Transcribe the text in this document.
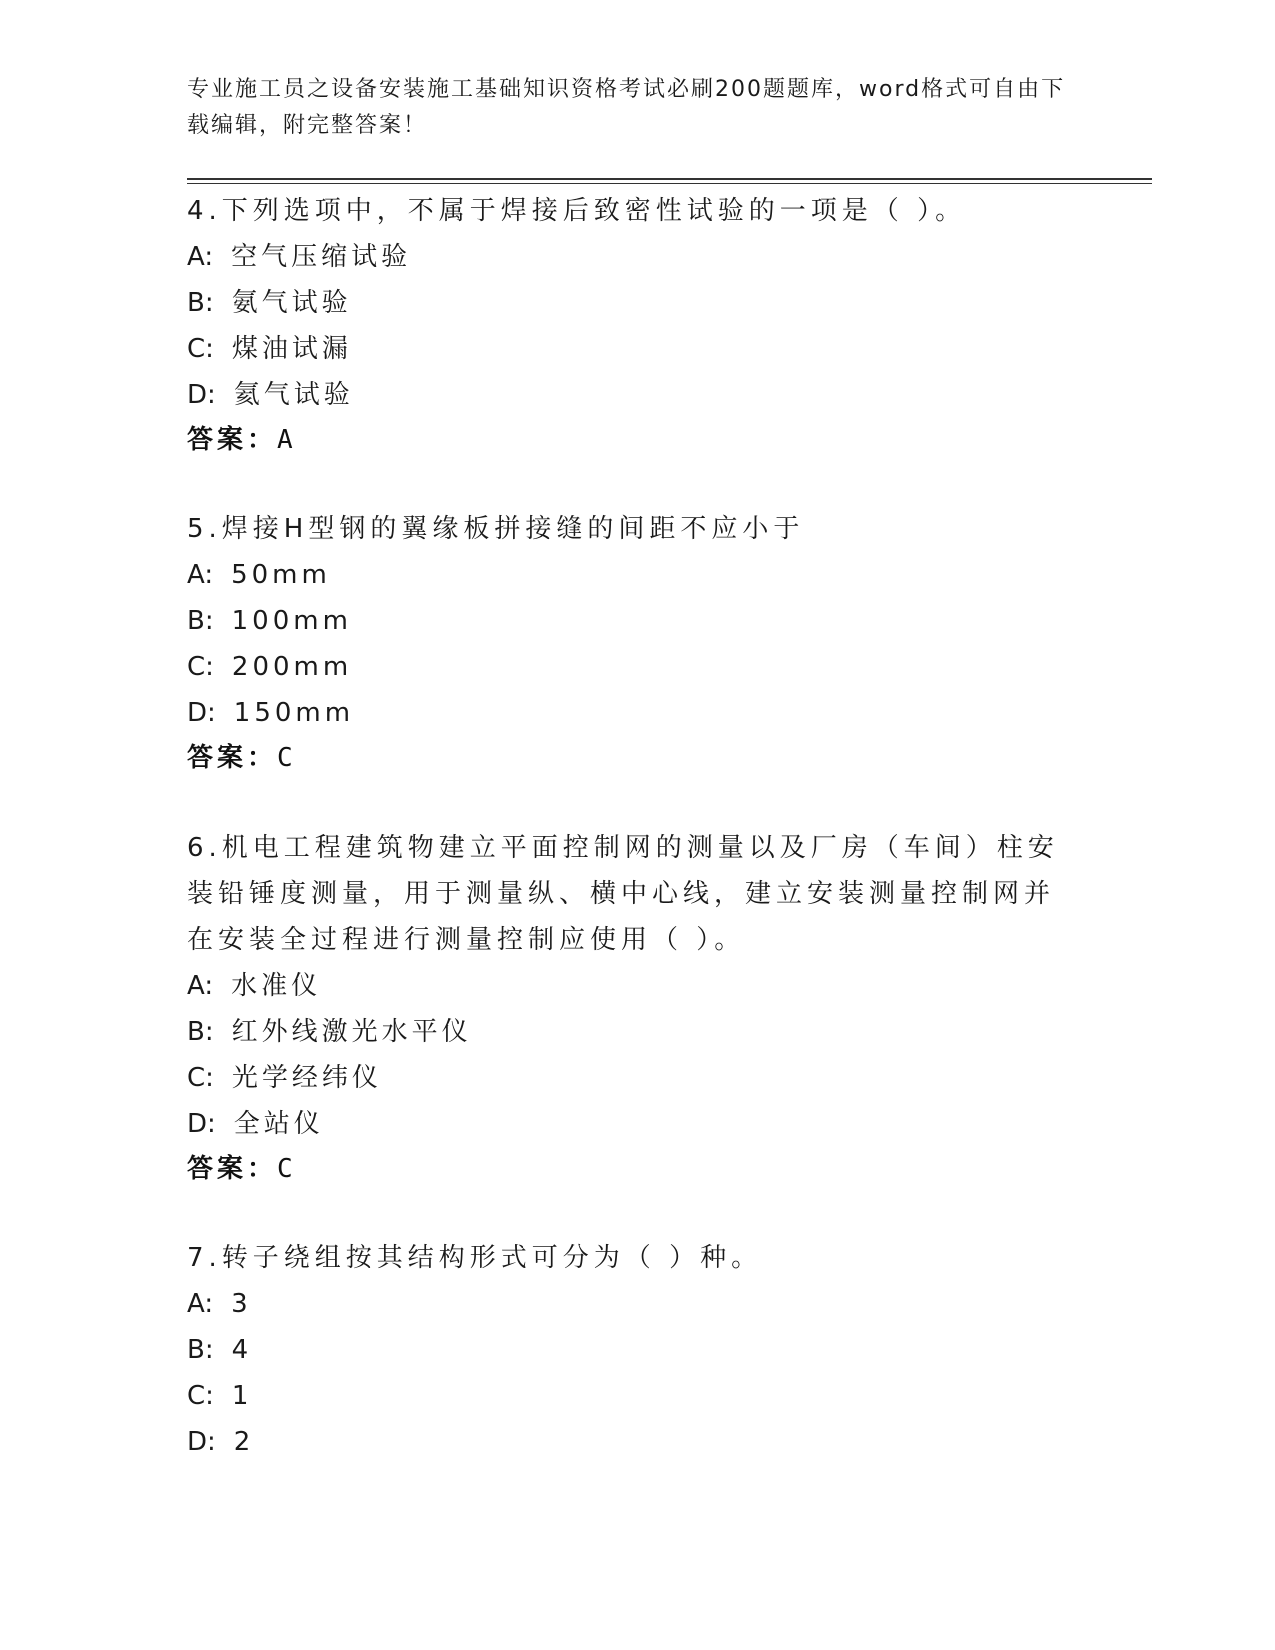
专业施工员之设备安装施工基础知识资格考试必刷200题题库，word格式可自由下载编辑，附完整答案！
4.下列选项中，不属于焊接后致密性试验的一项是（ ）。
A: 空气压缩试验
B: 氨气试验
C: 煤油试漏
D: 氦气试验
答案：A
5.焊接H型钢的翼缘板拼接缝的间距不应小于
A: 50mm
B: 100mm
C: 200mm
D: 150mm
答案：C
6.机电工程建筑物建立平面控制网的测量以及厂房（车间）柱安装铅锤度测量，用于测量纵、横中心线，建立安装测量控制网并在安装全过程进行测量控制应使用（ ）。
A: 水准仪
B: 红外线激光水平仪
C: 光学经纬仪
D: 全站仪
答案：C
7.转子绕组按其结构形式可分为（ ）种。
A: 3
B: 4
C: 1
D: 2
